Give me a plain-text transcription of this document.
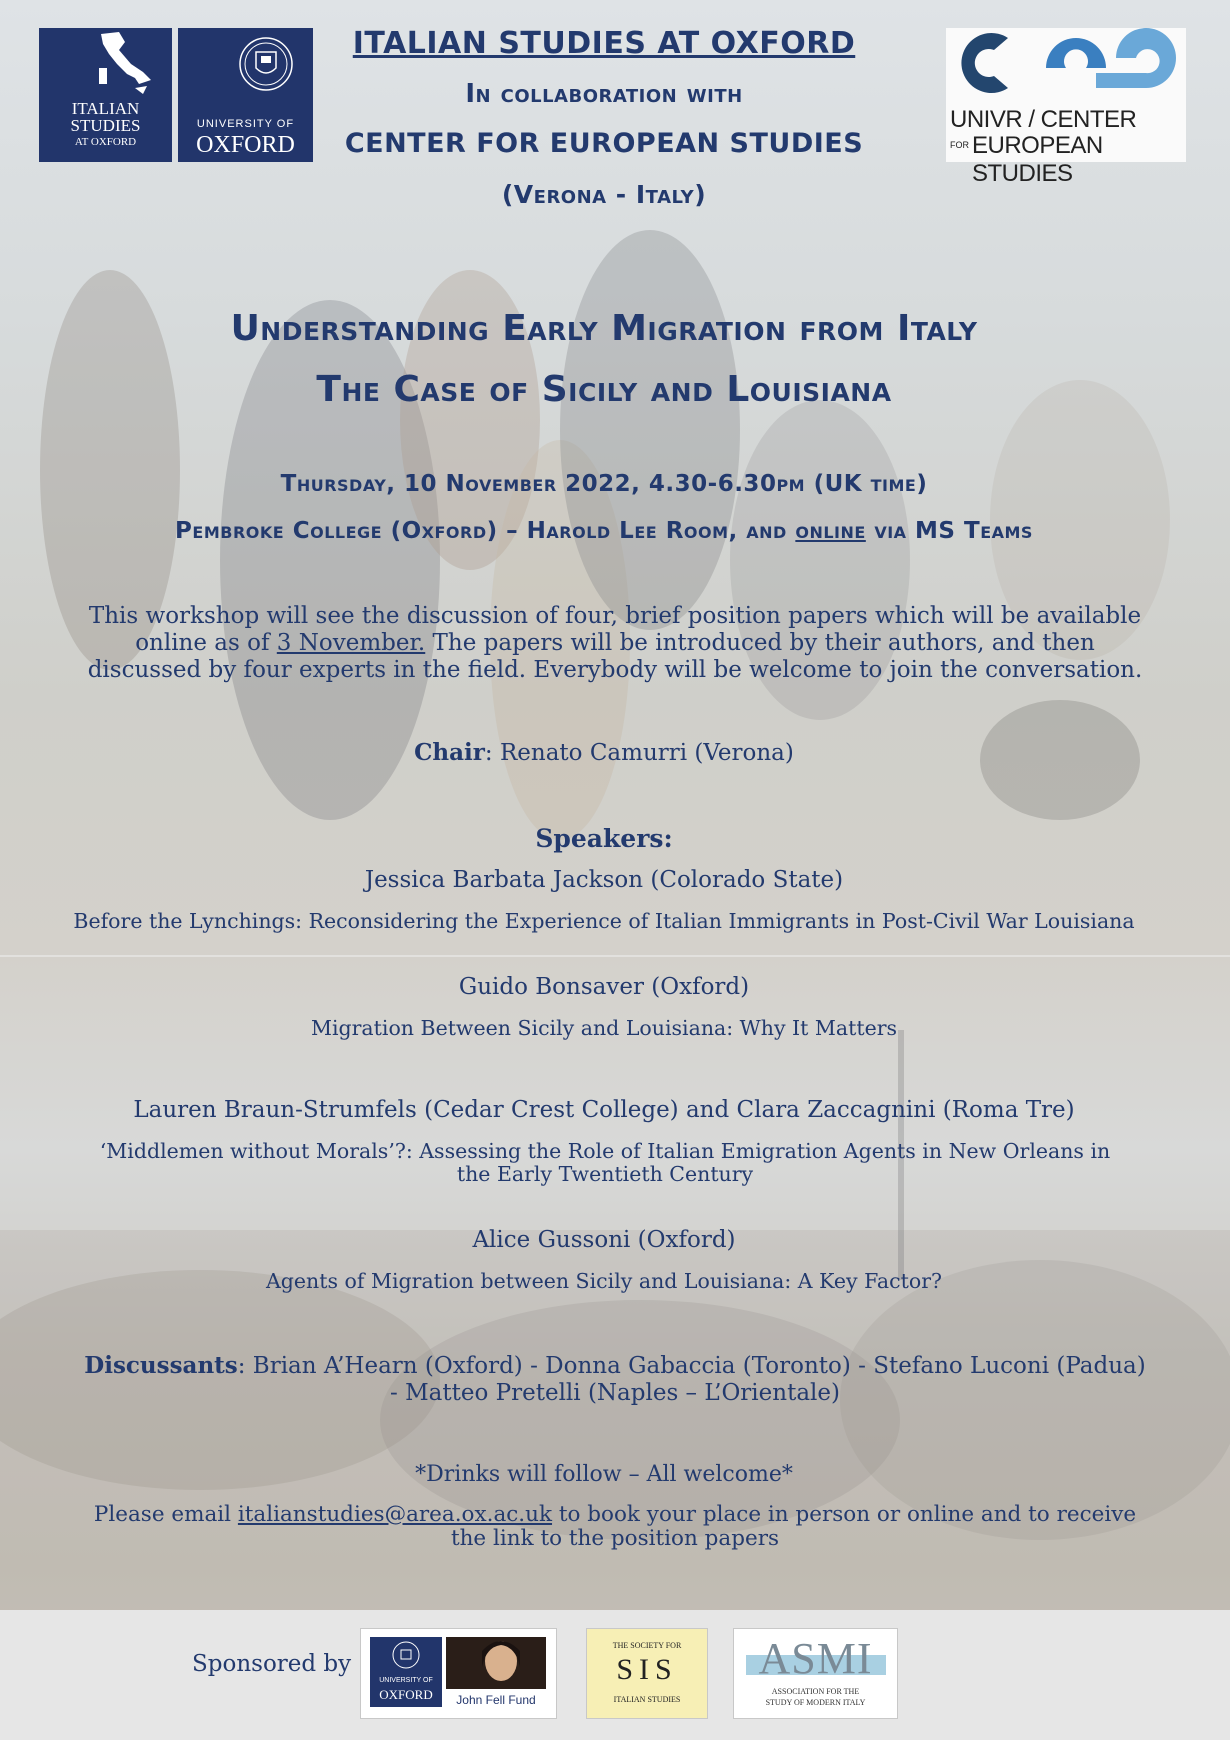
ITALIAN
STUDIES
AT OXFORD
UNIVERSITY OF
OXFORD
UNIVR / CENTER
FOR EUROPEAN STUDIES
ITALIAN STUDIES AT OXFORD
In collaboration with
CENTER FOR EUROPEAN STUDIES
(Verona - Italy)
Understanding Early Migration from Italy
The Case of Sicily and Louisiana
Thursday, 10 November 2022, 4.30-6.30pm (UK time)
Pembroke College (Oxford) – Harold Lee Room, and online via MS Teams
This workshop will see the discussion of four, brief position papers which will be available online as of 3 November. The papers will be introduced by their authors, and then discussed by four experts in the field. Everybody will be welcome to join the conversation.
Chair: Renato Camurri (Verona)
Speakers:
Jessica Barbata Jackson (Colorado State)
Before the Lynchings: Reconsidering the Experience of Italian Immigrants in Post-Civil War Louisiana
Guido Bonsaver (Oxford)
Migration Between Sicily and Louisiana: Why It Matters
Lauren Braun-Strumfels (Cedar Crest College) and Clara Zaccagnini (Roma Tre)
‘Middlemen without Morals’?: Assessing the Role of Italian Emigration Agents in New Orleans in the Early Twentieth Century
Alice Gussoni (Oxford)
Agents of Migration between Sicily and Louisiana: A Key Factor?
Discussants: Brian A’Hearn (Oxford) - Donna Gabaccia (Toronto) - Stefano Luconi (Padua) - Matteo Pretelli (Naples – L’Orientale)
*Drinks will follow – All welcome*
Please email italianstudies@area.ox.ac.uk to book your place in person or online and to receive the link to the position papers
Sponsored by
UNIVERSITY OF
OXFORD	John Fell Fund
THE SOCIETY FOR
SIS
ITALIAN STUDIES
ASMI
ASSOCIATION FOR THE
STUDY OF MODERN ITALY
